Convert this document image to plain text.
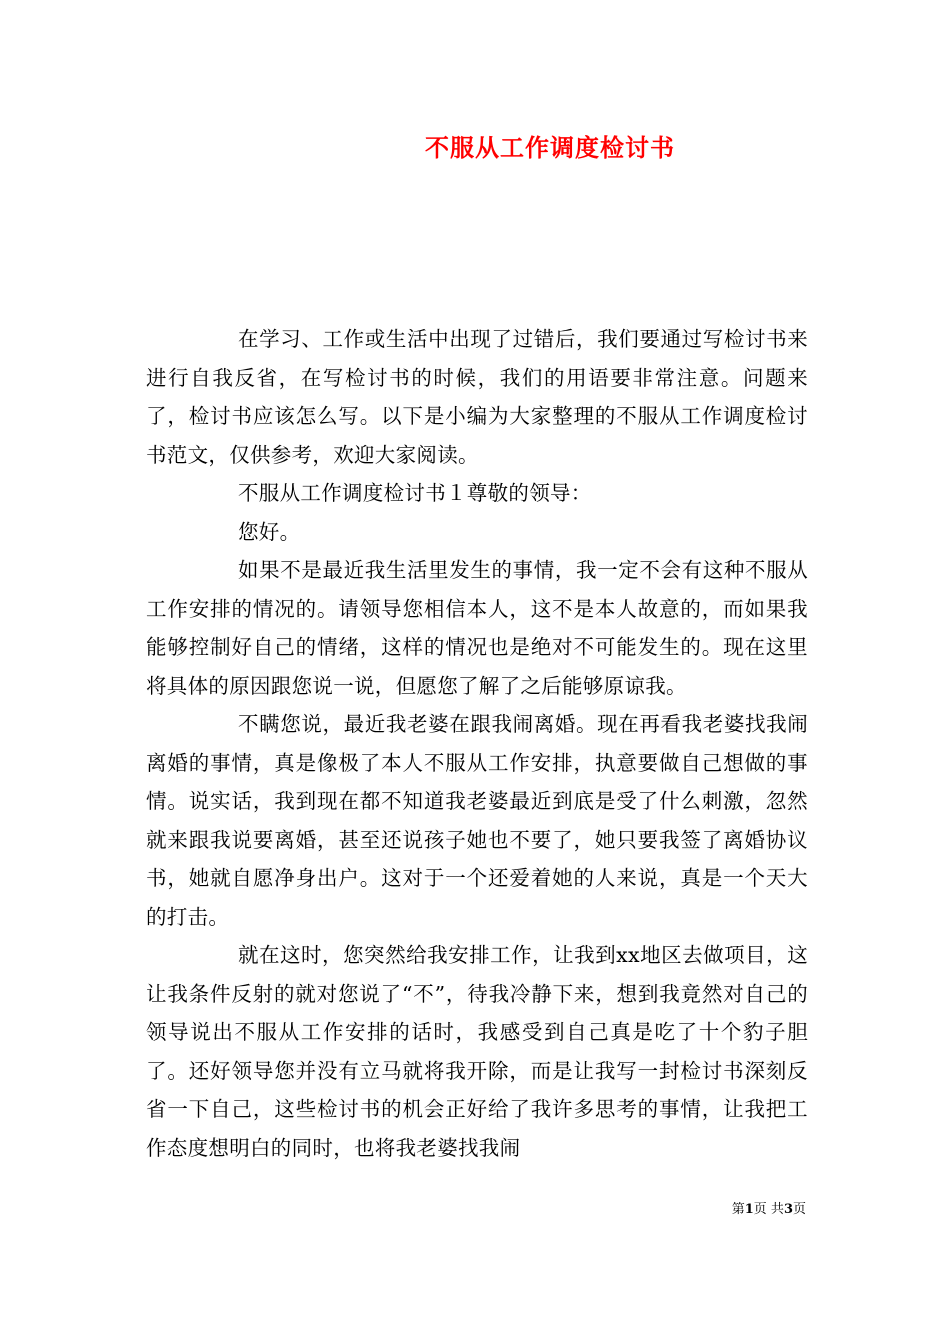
不服从工作调度检讨书

在学习、工作或生活中出现了过错后，我们要通过写检讨书来进行自我反省，在写检讨书的时候，我们的用语要非常注意。问题来了，检讨书应该怎么写。以下是小编为大家整理的不服从工作调度检讨书范文，仅供参考，欢迎大家阅读。

不服从工作调度检讨书１尊敬的领导：

您好。

如果不是最近我生活里发生的事情，我一定不会有这种不服从工作安排的情况的。请领导您相信本人，这不是本人故意的，而如果我能够控制好自己的情绪，这样的情况也是绝对不可能发生的。现在这里将具体的原因跟您说一说，但愿您了解了之后能够原谅我。

不瞒您说，最近我老婆在跟我闹离婚。现在再看我老婆找我闹离婚的事情，真是像极了本人不服从工作安排，执意要做自己想做的事情。说实话，我到现在都不知道我老婆最近到底是受了什么刺激，忽然就来跟我说要离婚，甚至还说孩子她也不要了，她只要我签了离婚协议书，她就自愿净身出户。这对于一个还爱着她的人来说，真是一个天大的打击。

就在这时，您突然给我安排工作，让我到xx地区去做项目，这让我条件反射的就对您说了“不”，待我冷静下来，想到我竟然对自己的领导说出不服从工作安排的话时，我感受到自己真是吃了十个豹子胆了。还好领导您并没有立马就将我开除，而是让我写一封检讨书深刻反省一下自己，这些检讨书的机会正好给了我许多思考的事情，让我把工作态度想明白的同时，也将我老婆找我闹

第1页 共3页
